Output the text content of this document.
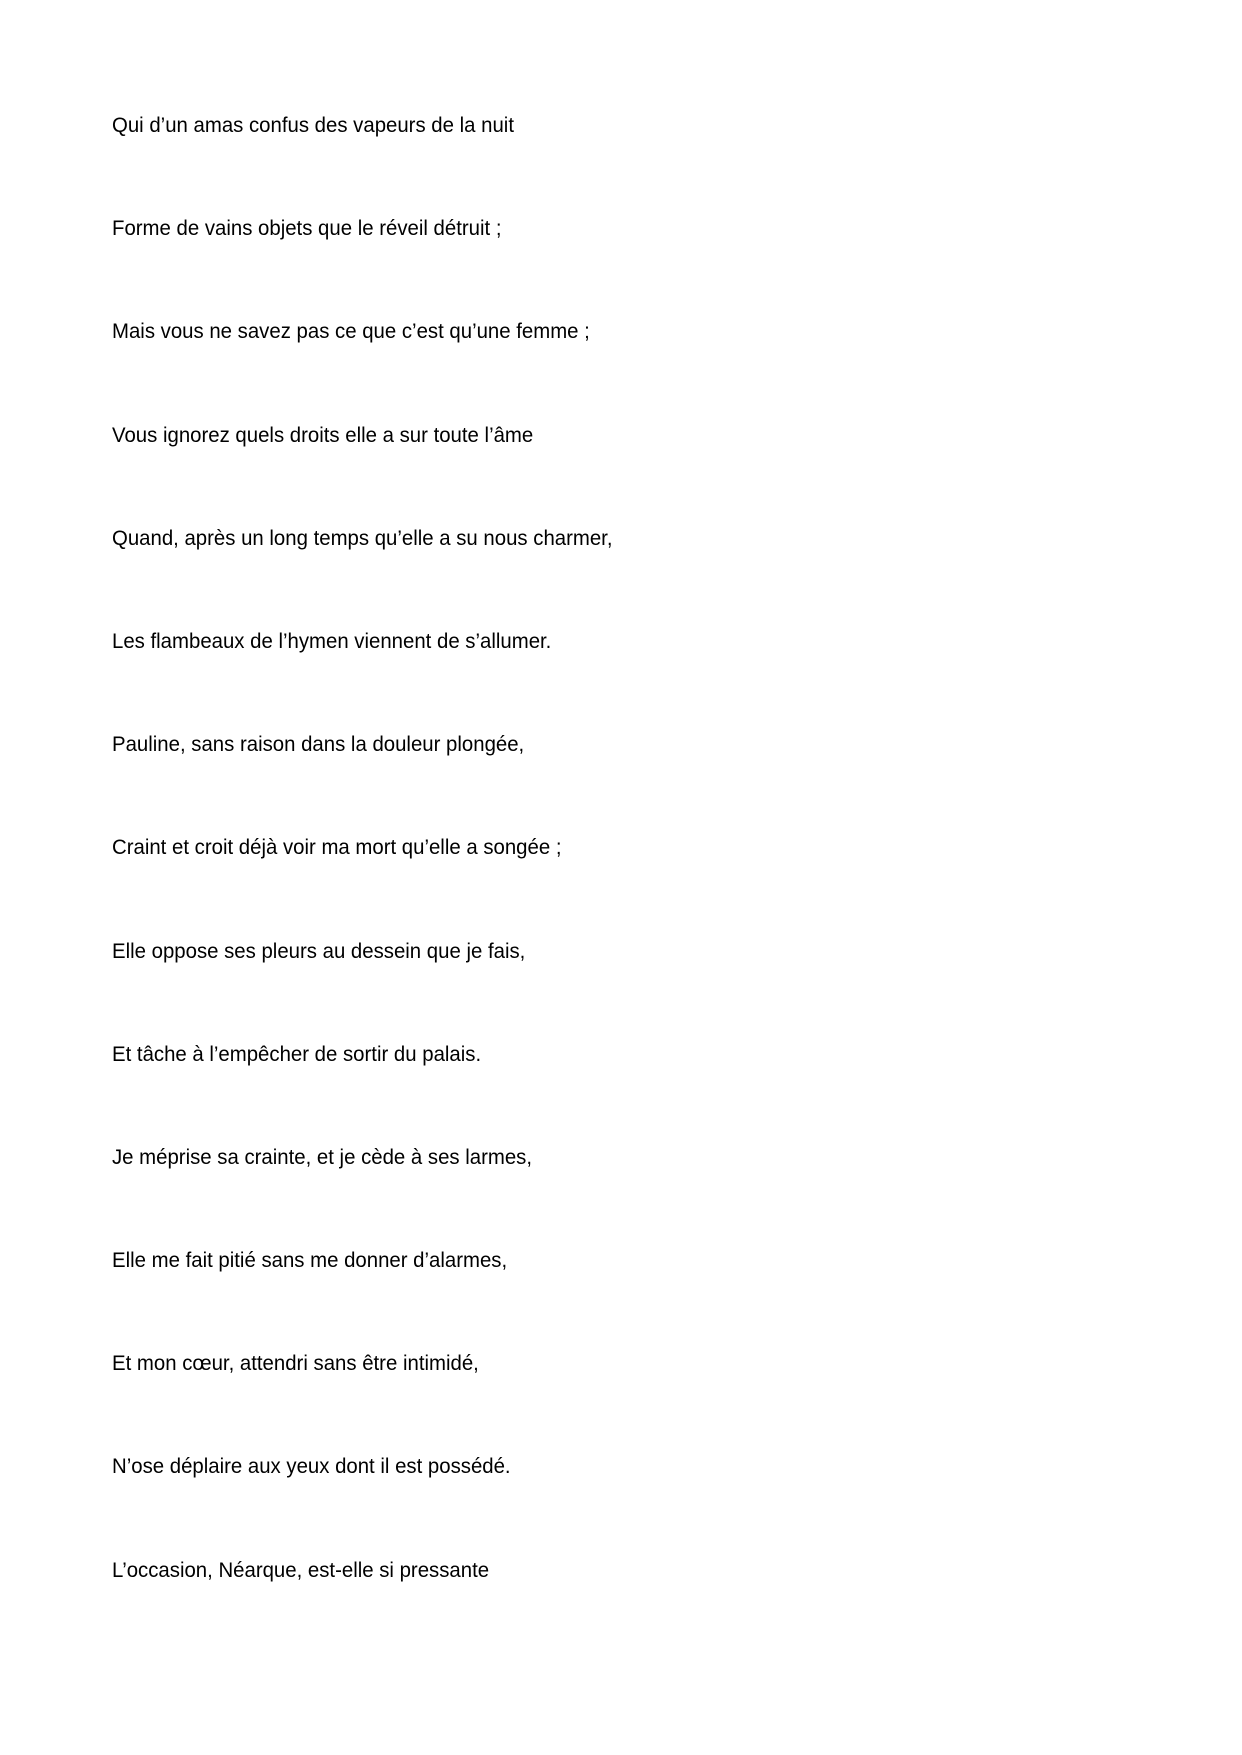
Qui d’un amas confus des vapeurs de la nuit
Forme de vains objets que le réveil détruit ;
Mais vous ne savez pas ce que c’est qu’une femme ;
Vous ignorez quels droits elle a sur toute l’âme
Quand, après un long temps qu’elle a su nous charmer,
Les flambeaux de l’hymen viennent de s’allumer.
Pauline, sans raison dans la douleur plongée,
Craint et croit déjà voir ma mort qu’elle a songée ;
Elle oppose ses pleurs au dessein que je fais,
Et tâche à l’empêcher de sortir du palais.
Je méprise sa crainte, et je cède à ses larmes,
Elle me fait pitié sans me donner d’alarmes,
Et mon cœur, attendri sans être intimidé,
N’ose déplaire aux yeux dont il est possédé.
L’occasion, Néarque, est-elle si pressante
